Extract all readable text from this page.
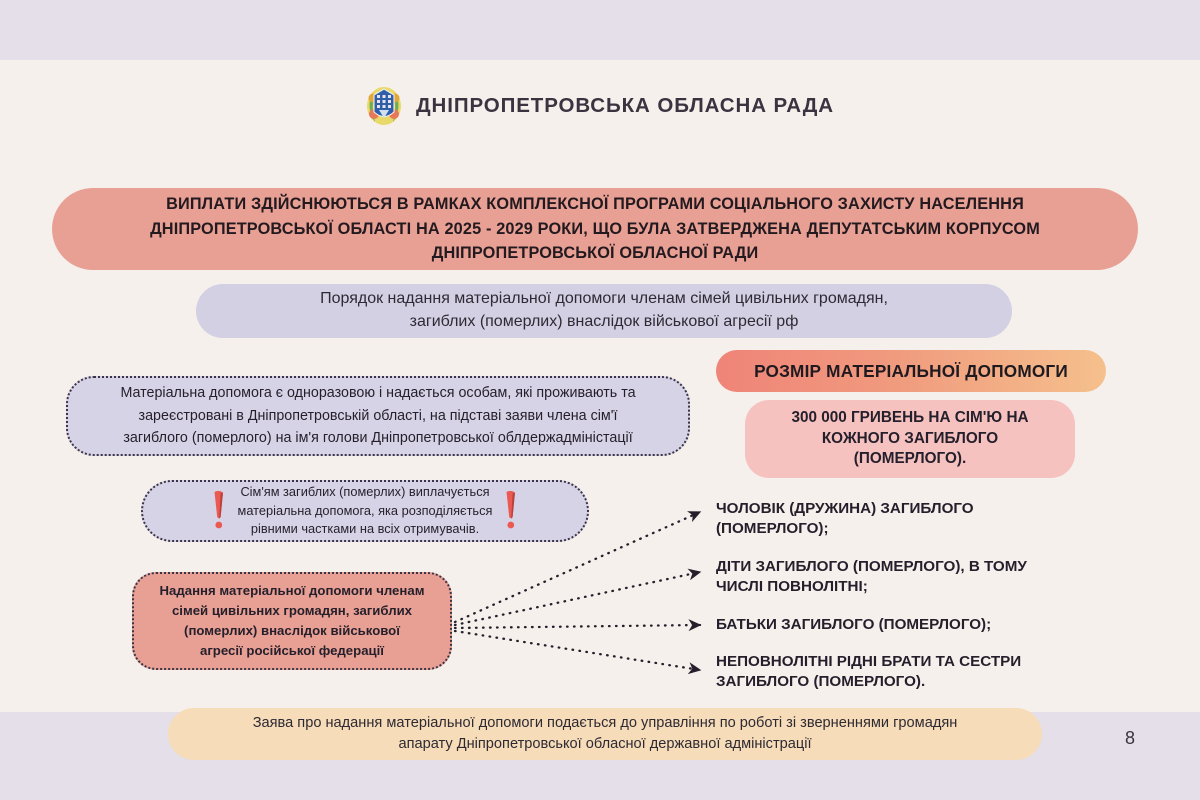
ДНІПРОПЕТРОВСЬКА ОБЛАСНА РАДА
ВИПЛАТИ ЗДІЙСНЮЮТЬСЯ В РАМКАХ КОМПЛЕКСНОЇ ПРОГРАМИ СОЦІАЛЬНОГО ЗАХИСТУ НАСЕЛЕННЯ
ДНІПРОПЕТРОВСЬКОЇ ОБЛАСТІ НА 2025 - 2029 РОКИ, ЩО БУЛА ЗАТВЕРДЖЕНА ДЕПУТАТСЬКИМ КОРПУСОМ
ДНІПРОПЕТРОВСЬКОЇ ОБЛАСНОЇ РАДИ
Порядок надання матеріальної допомоги членам сімей цивільних громадян,
загиблих (померлих) внаслідок військової агресії рф
Матеріальна допомога є одноразовою і надається особам, які проживають та
зареєстровані в Дніпропетровській області, на підставі заяви члена сім'ї
загиблого (померлого) на ім'я голови Дніпропетровської облдержадміністації
Сім'ям загиблих (померлих) виплачується
матеріальна допомога, яка розподіляється
рівними частками на всіх отримувачів.
Надання матеріальної допомоги членам
сімей цивільних громадян, загиблих
(померлих) внаслідок військової
агресії російської федерації
РОЗМІР МАТЕРІАЛЬНОЇ ДОПОМОГИ
300 000 ГРИВЕНЬ НА СІМ'Ю НА
КОЖНОГО ЗАГИБЛОГО
(ПОМЕРЛОГО).
ЧОЛОВІК (ДРУЖИНА) ЗАГИБЛОГО
(ПОМЕРЛОГО);
ДІТИ ЗАГИБЛОГО (ПОМЕРЛОГО), В ТОМУ
ЧИСЛІ ПОВНОЛІТНІ;
БАТЬКИ ЗАГИБЛОГО (ПОМЕРЛОГО);
НЕПОВНОЛІТНІ РІДНІ БРАТИ ТА СЕСТРИ
ЗАГИБЛОГО (ПОМЕРЛОГО).
Заява про надання матеріальної допомоги подається до управління по роботі зі зверненнями громадян
апарату Дніпропетровської обласної державної адміністрації	8
